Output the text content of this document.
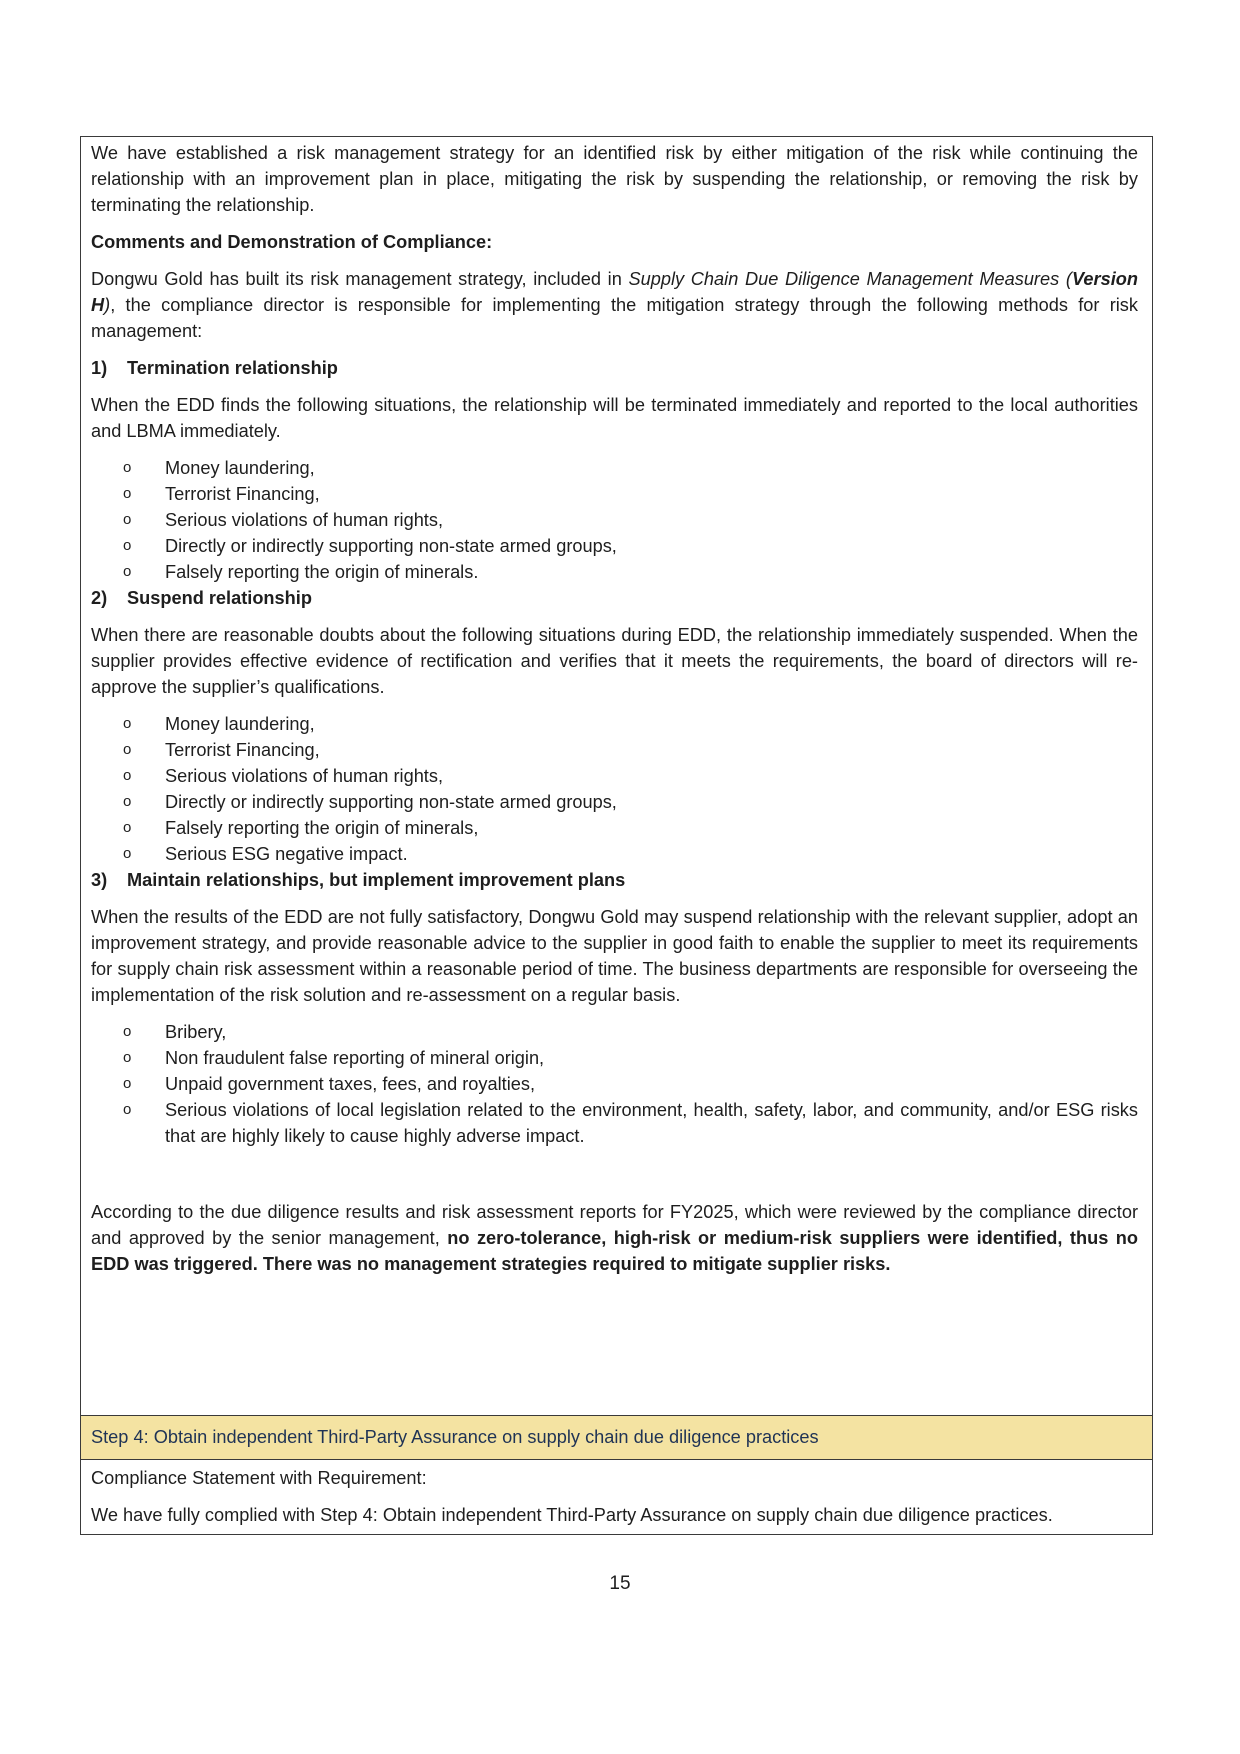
We have established a risk management strategy for an identified risk by either mitigation of the risk while continuing the relationship with an improvement plan in place, mitigating the risk by suspending the relationship, or removing the risk by terminating the relationship.

Comments and Demonstration of Compliance:

Dongwu Gold has built its risk management strategy, included in Supply Chain Due Diligence Management Measures (Version H), the compliance director is responsible for implementing the mitigation strategy through the following methods for risk management:

1)	Termination relationship

When the EDD finds the following situations, the relationship will be terminated immediately and reported to the local authorities and LBMA immediately.

o	Money laundering,
o	Terrorist Financing,
o	Serious violations of human rights,
o	Directly or indirectly supporting non-state armed groups,
o	Falsely reporting the origin of minerals.
2)	Suspend relationship

When there are reasonable doubts about the following situations during EDD, the relationship immediately suspended. When the supplier provides effective evidence of rectification and verifies that it meets the requirements, the board of directors will re-approve the supplier’s qualifications.

o	Money laundering,
o	Terrorist Financing,
o	Serious violations of human rights,
o	Directly or indirectly supporting non-state armed groups,
o	Falsely reporting the origin of minerals,
o	Serious ESG negative impact.
3)	Maintain relationships, but implement improvement plans

When the results of the EDD are not fully satisfactory, Dongwu Gold may suspend relationship with the relevant supplier, adopt an improvement strategy, and provide reasonable advice to the supplier in good faith to enable the supplier to meet its requirements for supply chain risk assessment within a reasonable period of time. The business departments are responsible for overseeing the implementation of the risk solution and re-assessment on a regular basis.

o	Bribery,
o	Non fraudulent false reporting of mineral origin,
o	Unpaid government taxes, fees, and royalties,
o	Serious violations of local legislation related to the environment, health, safety, labor, and community, and/or ESG risks that are highly likely to cause highly adverse impact.

According to the due diligence results and risk assessment reports for FY2025, which were reviewed by the compliance director and approved by the senior management, no zero-tolerance, high-risk or medium-risk suppliers were identified, thus no EDD was triggered. There was no management strategies required to mitigate supplier risks.

Step 4: Obtain independent Third-Party Assurance on supply chain due diligence practices

Compliance Statement with Requirement:

We have fully complied with Step 4: Obtain independent Third-Party Assurance on supply chain due diligence practices.

15
